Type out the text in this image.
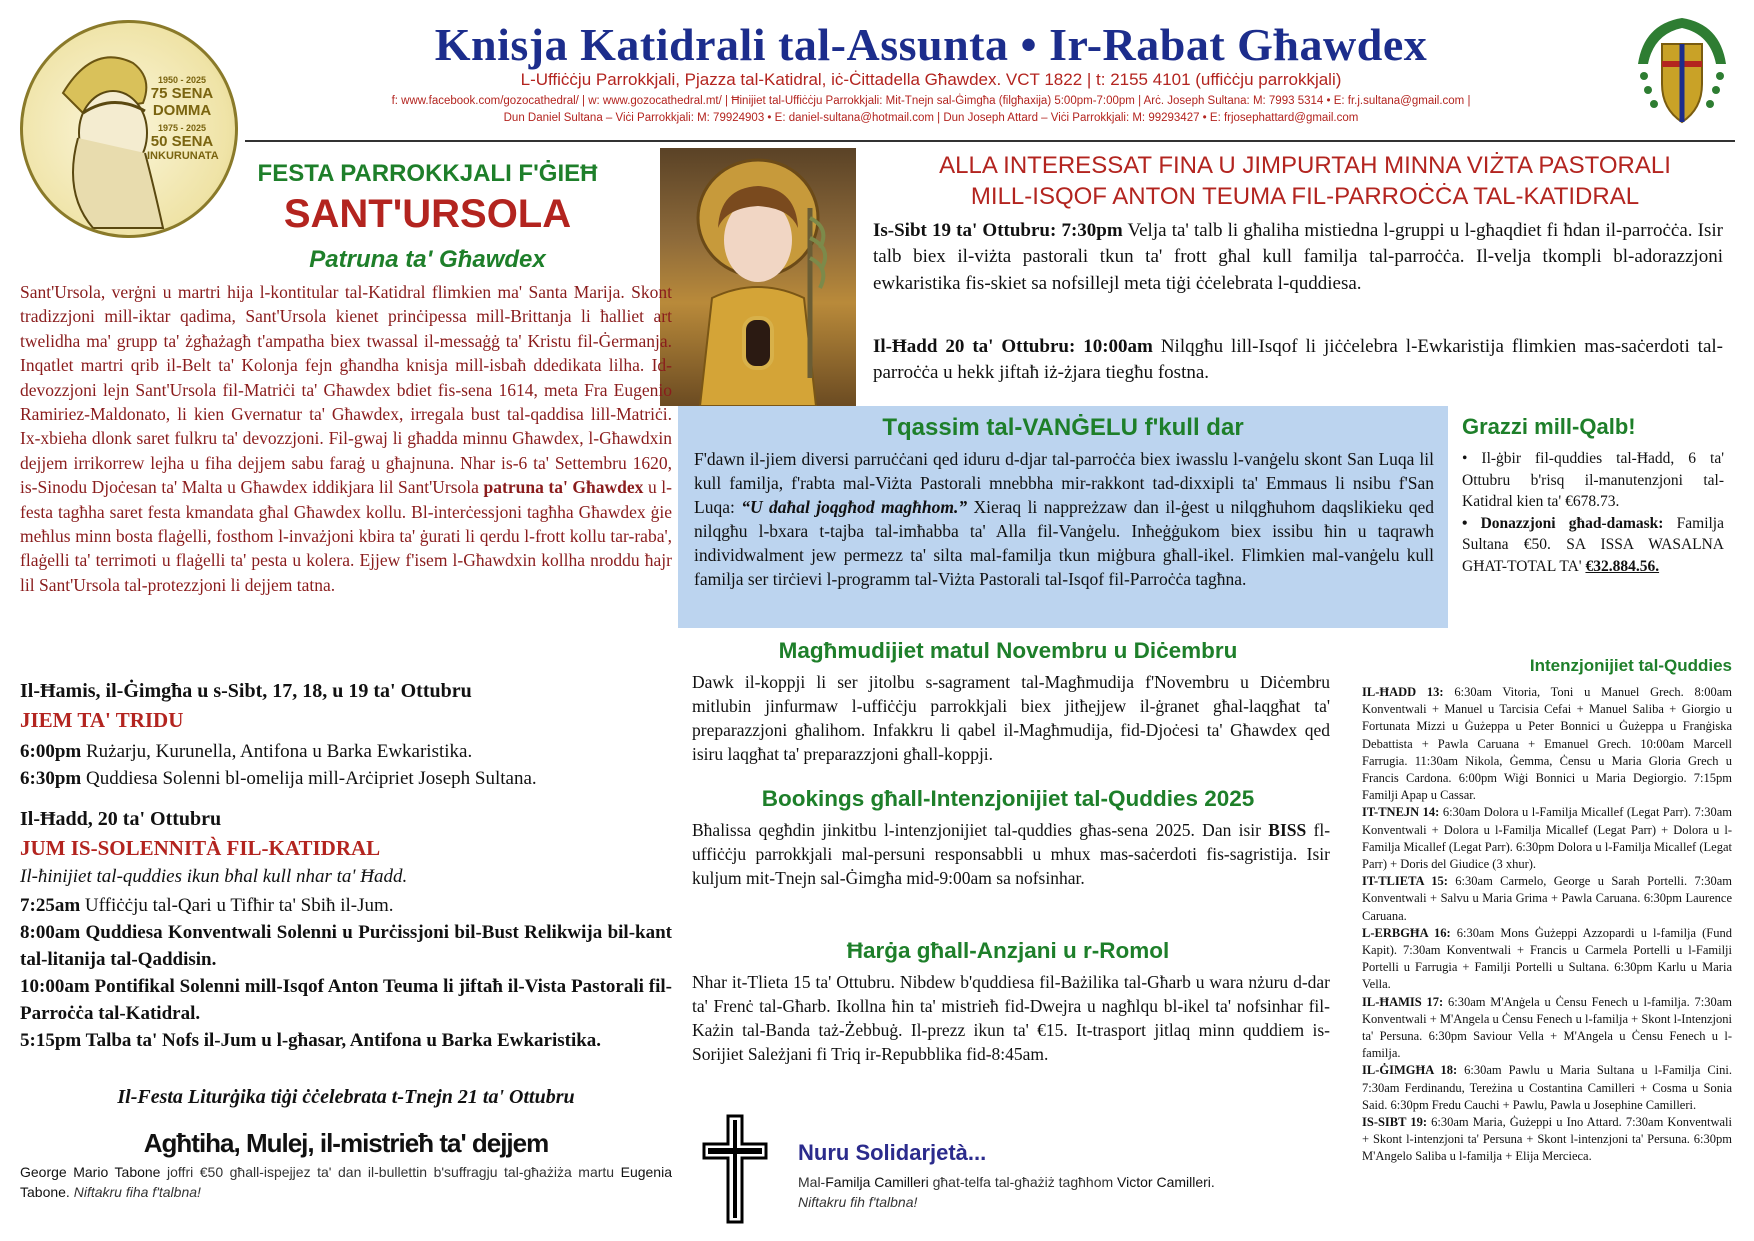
1950 - 2025
75 SENA
DOMMA
1975 - 2025
50 SENA
INKURUNATA
Knisja Katidrali tal-Assunta • Ir-Rabat Għawdex
L-Uffiċċju Parrokkjali, Pjazza tal-Katidral, iċ-Ċittadella Għawdex. VCT 1822 | t: 2155 4101 (uffiċċju parrokkjali)
f: www.facebook.com/gozocathedral/ | w: www.gozocathedral.mt/ | Ħinijiet tal-Uffiċċju Parrokkjali: Mit-Tnejn sal-Ġimgħa (filgħaxija) 5:00pm-7:00pm | Arċ. Joseph Sultana: M: 7993 5314 • E: fr.j.sultana@gmail.com |
Dun Daniel Sultana – Viċi Parrokkjali: M: 79924903 • E: daniel-sultana@hotmail.com | Dun Joseph Attard – Viċi Parrokkjali: M: 99293427 • E: frjosephattard@gmail.com
FESTA PARROKKJALI F'ĠIEĦ
SANT'URSOLA
Patruna ta' Għawdex
Sant'Ursola, verġni u martri hija l-kontitular tal-Katidral flimkien ma' Santa Marija. Skont tradizzjoni mill-iktar qadima, Sant'Ursola kienet prinċipessa mill-Brittanja li ħalliet art twelidha ma' grupp ta' żgħażagħ t'ampatha biex twassal il-messaġġ ta' Kristu fil-Ġermanja. Inqatlet martri qrib il-Belt ta' Kolonja fejn għandha knisja mill-isbaħ ddedikata lilha. Id-devozzjoni lejn Sant'Ursola fil-Matriċi ta' Għawdex bdiet fis-sena 1614, meta Fra Eugenio Ramiriez-Maldonato, li kien Gvernatur ta' Għawdex, irregala bust tal-qaddisa lill-Matriċi. Ix-xbieha dlonk saret fulkru ta' devozzjoni. Fil-gwaj li għadda minnu Għawdex, l-Għawdxin dejjem irrikorrew lejha u fiha dejjem sabu faraġ u għajnuna. Nhar is-6 ta' Settembru 1620, is-Sinodu Djoċesan ta' Malta u Għawdex iddikjara lil Sant'Ursola patruna ta' Għawdex u l-festa tagħha saret festa kmandata għal Għawdex kollu. Bl-interċessjoni tagħha Għawdex ġie meħlus minn bosta flaġelli, fosthom l-invażjoni kbira ta' ġurati li qerdu l-frott kollu tar-raba', flaġelli ta' terrimoti u flaġelli ta' pesta u kolera. Ejjew f'isem l-Għawdxin kollha nroddu ħajr lil Sant'Ursola tal-protezzjoni li dejjem tatna.
Il-Ħamis, il-Ġimgħa u s-Sibt, 17, 18, u 19 ta' Ottubru
JIEM TA' TRIDU
6:00pm Rużarju, Kurunella, Antifona u Barka Ewkaristika.
6:30pm Quddiesa Solenni bl-omelija mill-Arċipriet Joseph Sultana.
Il-Ħadd, 20 ta' Ottubru
JUM IS-SOLENNITÀ FIL-KATIDRAL
Il-ħinijiet tal-quddies ikun bħal kull nhar ta' Ħadd.
7:25am Uffiċċju tal-Qari u Tifħir ta' Sbiħ il-Jum.
8:00am Quddiesa Konventwali Solenni u Purċissjoni bil-Bust Relikwija bil-kant tal-litanija tal-Qaddisin.
10:00am Pontifikal Solenni mill-Isqof Anton Teuma li jiftaħ il-Vista Pastorali fil-Parroċċa tal-Katidral.
5:15pm Talba ta' Nofs il-Jum u l-għasar, Antifona u Barka Ewkaristika.
Il-Festa Liturġika tiġi ċċelebrata t-Tnejn 21 ta' Ottubru
Agħtiha, Mulej, il-mistrieħ ta' dejjem
George Mario Tabone joffri €50 għall-ispejjez ta' dan il-bullettin b'suffragju tal-għażiża martu Eugenia Tabone. Niftakru fiha f'talbna!
ALLA INTERESSAT FINA U JIMPURTAH MINNA VIŻTA PASTORALI
MILL-ISQOF ANTON TEUMA FIL-PARROĊĊA TAL-KATIDRAL
Is-Sibt 19 ta' Ottubru: 7:30pm Velja ta' talb li għaliha mistiedna l-gruppi u l-għaqdiet fi ħdan il-parroċċa. Isir talb biex il-viżta pastorali tkun ta' frott għal kull familja tal-parroċċa. Il-velja tkompli bl-adorazzjoni ewkaristika fis-skiet sa nofsillejl meta tiġi ċċelebrata l-quddiesa.
Il-Ħadd 20 ta' Ottubru: 10:00am Nilqgħu lill-Isqof li jiċċelebra l-Ewkaristija flimkien mas-saċerdoti tal-parroċċa u hekk jiftaħ iż-żjara tiegħu fostna.
Tqassim tal-VANĠELU f'kull dar
F'dawn il-jiem diversi parruċċani qed iduru d-djar tal-parroċċa biex iwasslu l-vanġelu skont San Luqa lil kull familja, f'rabta mal-Viżta Pastorali mnebbha mir-rakkont tad-dixxipli ta' Emmaus li nsibu f'San Luqa: “U daħal joqgħod magħhom.” Xieraq li nappreżzaw dan il-ġest u nilqgħuhom daqslikieku qed nilqgħu l-bxara t-tajba tal-imħabba ta' Alla fil-Vanġelu. Inħeġġukom biex issibu ħin u taqrawh individwalment jew permezz ta' silta mal-familja tkun miġbura għall-ikel. Flimkien mal-vanġelu kull familja ser tirċievi l-programm tal-Viżta Pastorali tal-Isqof fil-Parroċċa tagħna.
Grazzi mill-Qalb!
• Il-ġbir fil-quddies tal-Ħadd, 6 ta' Ottubru b'risq il-manutenzjoni tal-Katidral kien ta' €678.73.
• Donazzjoni għad-damask: Familja Sultana €50. SA ISSA WASALNA GĦAT-TOTAL TA' €32.884.56.
Magħmudijiet matul Novembru u Diċembru
Dawk il-koppji li ser jitolbu s-sagrament tal-Magħmudija f'Novembru u Diċembru mitlubin jinfurmaw l-uffiċċju parrokkjali biex jitħejjew il-ġranet għal-laqgħat ta' preparazzjoni għalihom. Infakkru li qabel il-Magħmudija, fid-Djoċesi ta' Għawdex qed isiru laqgħat ta' preparazzjoni għall-koppji.
Bookings għall-Intenzjonijiet tal-Quddies 2025
Bħalissa qegħdin jinkitbu l-intenzjonijiet tal-quddies għas-sena 2025. Dan isir BISS fl-uffiċċju parrokkjali mal-persuni responsabbli u mhux mas-saċerdoti fis-sagristija. Isir kuljum mit-Tnejn sal-Ġimgħa mid-9:00am sa nofsinhar.
Ħarġa għall-Anzjani u r-Romol
Nhar it-Tlieta 15 ta' Ottubru. Nibdew b'quddiesa fil-Bażilika tal-Għarb u wara nżuru d-dar ta' Frenċ tal-Għarb. Ikollna ħin ta' mistrieħ fid-Dwejra u nagħlqu bl-ikel ta' nofsinhar fil-Każin tal-Banda taż-Żebbuġ. Il-prezz ikun ta' €15. It-trasport jitlaq minn quddiem is-Sorijiet Sależjani fi Triq ir-Repubblika fid-8:45am.
Intenzjonijiet tal-Quddies
IL-ĦADD 13: 6:30am Vitoria, Toni u Manuel Grech. 8:00am Konventwali + Manuel u Tarcisia Cefai + Manuel Saliba + Giorgio u Fortunata Mizzi u Ġużeppa u Peter Bonnici u Ġużeppa u Franġiska Debattista + Pawla Caruana + Emanuel Grech. 10:00am Marcell Farrugia. 11:30am Nikola, Ġemma, Ċensu u Maria Gloria Grech u Francis Cardona. 6:00pm Wiġi Bonnici u Maria Degiorgio. 7:15pm Familji Apap u Cassar.
IT-TNEJN 14: 6:30am Dolora u l-Familja Micallef (Legat Parr). 7:30am Konventwali + Dolora u l-Familja Micallef (Legat Parr) + Dolora u l-Familja Micallef (Legat Parr). 6:30pm Dolora u l-Familja Micallef (Legat Parr) + Doris del Giudice (3 xhur).
IT-TLIETA 15: 6:30am Carmelo, George u Sarah Portelli. 7:30am Konventwali + Salvu u Maria Grima + Pawla Caruana. 6:30pm Laurence Caruana.
L-ERBGĦA 16: 6:30am Mons Ġużeppi Azzopardi u l-familja (Fund Kapit). 7:30am Konventwali + Francis u Carmela Portelli u l-Familji Portelli u Farrugia + Familji Portelli u Sultana. 6:30pm Karlu u Maria Vella.
IL-ĦAMIS 17: 6:30am M'Anġela u Ċensu Fenech u l-familja. 7:30am Konventwali + M'Angela u Ċensu Fenech u l-familja + Skont l-Intenzjoni ta' Persuna. 6:30pm Saviour Vella + M'Angela u Ċensu Fenech u l-familja.
IL-ĠIMGĦA 18: 6:30am Pawlu u Maria Sultana u l-Familja Cini. 7:30am Ferdinandu, Tereżina u Costantina Camilleri + Cosma u Sonia Said. 6:30pm Fredu Cauchi + Pawlu, Pawla u Josephine Camilleri.
IS-SIBT 19: 6:30am Maria, Ġużeppi u Ino Attard. 7:30am Konventwali + Skont l-intenzjoni ta' Persuna + Skont l-intenzjoni ta' Persuna. 6:30pm M'Angelo Saliba u l-familja + Elija Mercieca.
Nuru Solidarjetà...
Mal-Familja Camilleri għat-telfa tal-għażiż tagħhom Victor Camilleri.
Niftakru fih f'talbna!
